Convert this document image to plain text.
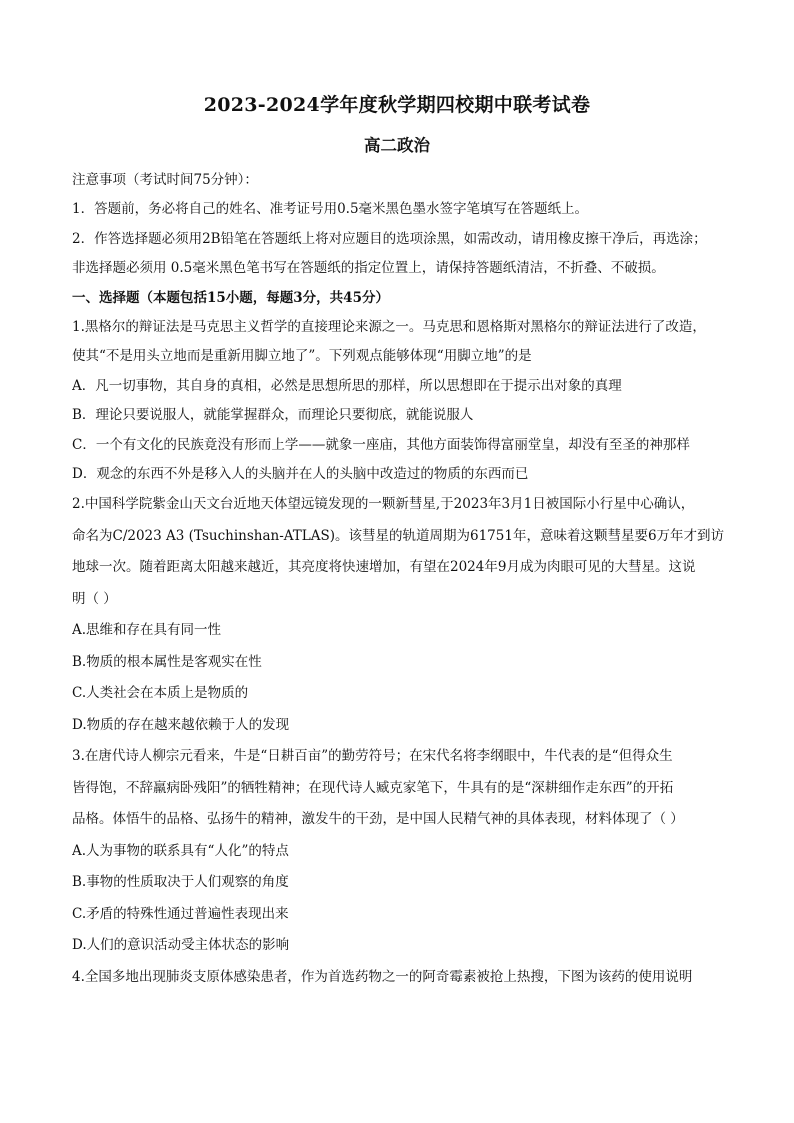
2023-2024学年度秋学期四校期中联考试卷
高二政治
注意事项（考试时间75分钟）：
1．答题前，务必将自己的姓名、准考证号用0.5毫米黑色墨水签字笔填写在答题纸上。
2．作答选择题必须用2B铅笔在答题纸上将对应题目的选项涂黑，如需改动，请用橡皮擦干净后，再选涂；
非选择题必须用 0.5毫米黑色笔书写在答题纸的指定位置上，请保持答题纸清洁，不折叠、不破损。
一、选择题（本题包括15小题，每题3分，共45分）
1.黑格尔的辩证法是马克思主义哲学的直接理论来源之一。马克思和恩格斯对黑格尔的辩证法进行了改造，
使其“不是用头立地而是重新用脚立地了”。下列观点能够体现“用脚立地”的是
A．凡一切事物，其自身的真相，必然是思想所思的那样，所以思想即在于提示出对象的真理
B．理论只要说服人，就能掌握群众，而理论只要彻底，就能说服人
C．一个有文化的民族竟没有形而上学——就象一座庙，其他方面装饰得富丽堂皇，却没有至圣的神那样
D．观念的东西不外是移入人的头脑并在人的头脑中改造过的物质的东西而已
2.中国科学院紫金山天文台近地天体望远镜发现的一颗新彗星,于2023年3月1日被国际小行星中心确认，
命名为C/2023 A3 (Tsuchinshan-ATLAS)。该彗星的轨道周期为61751年，意味着这颗彗星要6万年才到访
地球一次。随着距离太阳越来越近，其亮度将快速增加，有望在2024年9月成为肉眼可见的大彗星。这说
明（ ）
A.思维和存在具有同一性
B.物质的根本属性是客观实在性
C.人类社会在本质上是物质的
D.物质的存在越来越依赖于人的发现
3.在唐代诗人柳宗元看来，牛是“日耕百亩”的勤劳符号；在宋代名将李纲眼中，牛代表的是“但得众生
皆得饱，不辞羸病卧残阳”的牺牲精神；在现代诗人臧克家笔下，牛具有的是“深耕细作走东西”的开拓
品格。体悟牛的品格、弘扬牛的精神，激发牛的干劲，是中国人民精气神的具体表现，材料体现了（ ）
A.人为事物的联系具有“人化”的特点
B.事物的性质取决于人们观察的角度
C.矛盾的特殊性通过普遍性表现出来
D.人们的意识活动受主体状态的影响
4.全国多地出现肺炎支原体感染患者，作为首选药物之一的阿奇霉素被抢上热搜，下图为该药的使用说明
